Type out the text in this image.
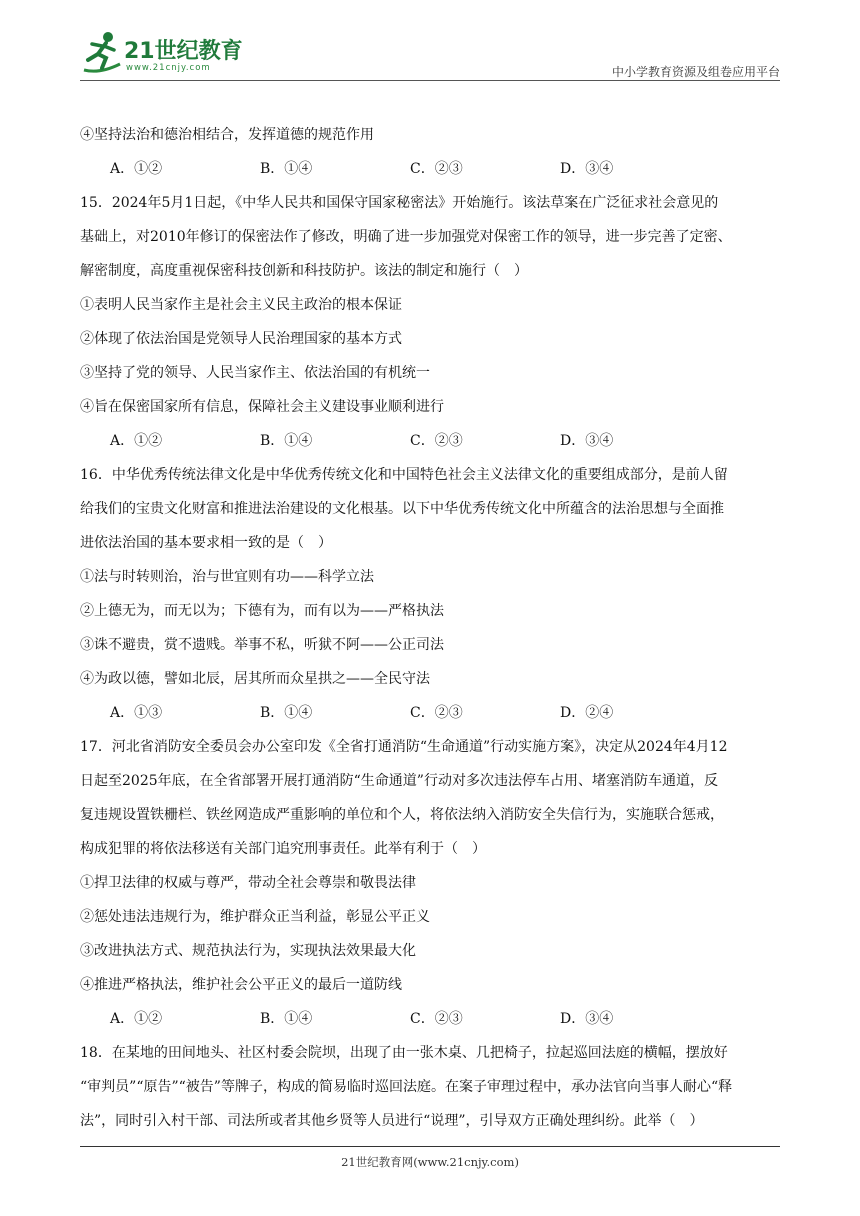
21世纪教育
www.21cnjy.com	中小学教育资源及组卷应用平台
④坚持法治和德治相结合，发挥道德的规范作用
A．①②	B．①④	C．②③	D．③④
15．2024年5月1日起，《中华人民共和国保守国家秘密法》开始施行。该法草案在广泛征求社会意见的
基础上，对2010年修订的保密法作了修改，明确了进一步加强党对保密工作的领导，进一步完善了定密、
解密制度，高度重视保密科技创新和科技防护。该法的制定和施行（　）
①表明人民当家作主是社会主义民主政治的根本保证
②体现了依法治国是党领导人民治理国家的基本方式
③坚持了党的领导、人民当家作主、依法治国的有机统一
④旨在保密国家所有信息，保障社会主义建设事业顺利进行
A．①②	B．①④	C．②③	D．③④
16．中华优秀传统法律文化是中华优秀传统文化和中国特色社会主义法律文化的重要组成部分，是前人留
给我们的宝贵文化财富和推进法治建设的文化根基。以下中华优秀传统文化中所蕴含的法治思想与全面推
进依法治国的基本要求相一致的是（　）
①法与时转则治，治与世宜则有功——科学立法
②上德无为，而无以为；下德有为，而有以为——严格执法
③诛不避贵，赏不遗贱。举事不私，听狱不阿——公正司法
④为政以德，譬如北辰，居其所而众星拱之——全民守法
A．①③	B．①④	C．②③	D．②④
17．河北省消防安全委员会办公室印发《全省打通消防“生命通道”行动实施方案》，决定从2024年4月12
日起至2025年底，在全省部署开展打通消防“生命通道”行动对多次违法停车占用、堵塞消防车通道，反
复违规设置铁栅栏、铁丝网造成严重影响的单位和个人，将依法纳入消防安全失信行为，实施联合惩戒，
构成犯罪的将依法移送有关部门追究刑事责任。此举有利于（　）
①捍卫法律的权威与尊严，带动全社会尊崇和敬畏法律
②惩处违法违规行为，维护群众正当利益，彰显公平正义
③改进执法方式、规范执法行为，实现执法效果最大化
④推进严格执法，维护社会公平正义的最后一道防线
A．①②	B．①④	C．②③	D．③④
18．在某地的田间地头、社区村委会院坝，出现了由一张木桌、几把椅子，拉起巡回法庭的横幅，摆放好
“审判员”“原告”“被告”等牌子，构成的简易临时巡回法庭。在案子审理过程中，承办法官向当事人耐心“释
法”，同时引入村干部、司法所或者其他乡贤等人员进行“说理”，引导双方正确处理纠纷。此举（　）
21世纪教育网(www.21cnjy.com)
